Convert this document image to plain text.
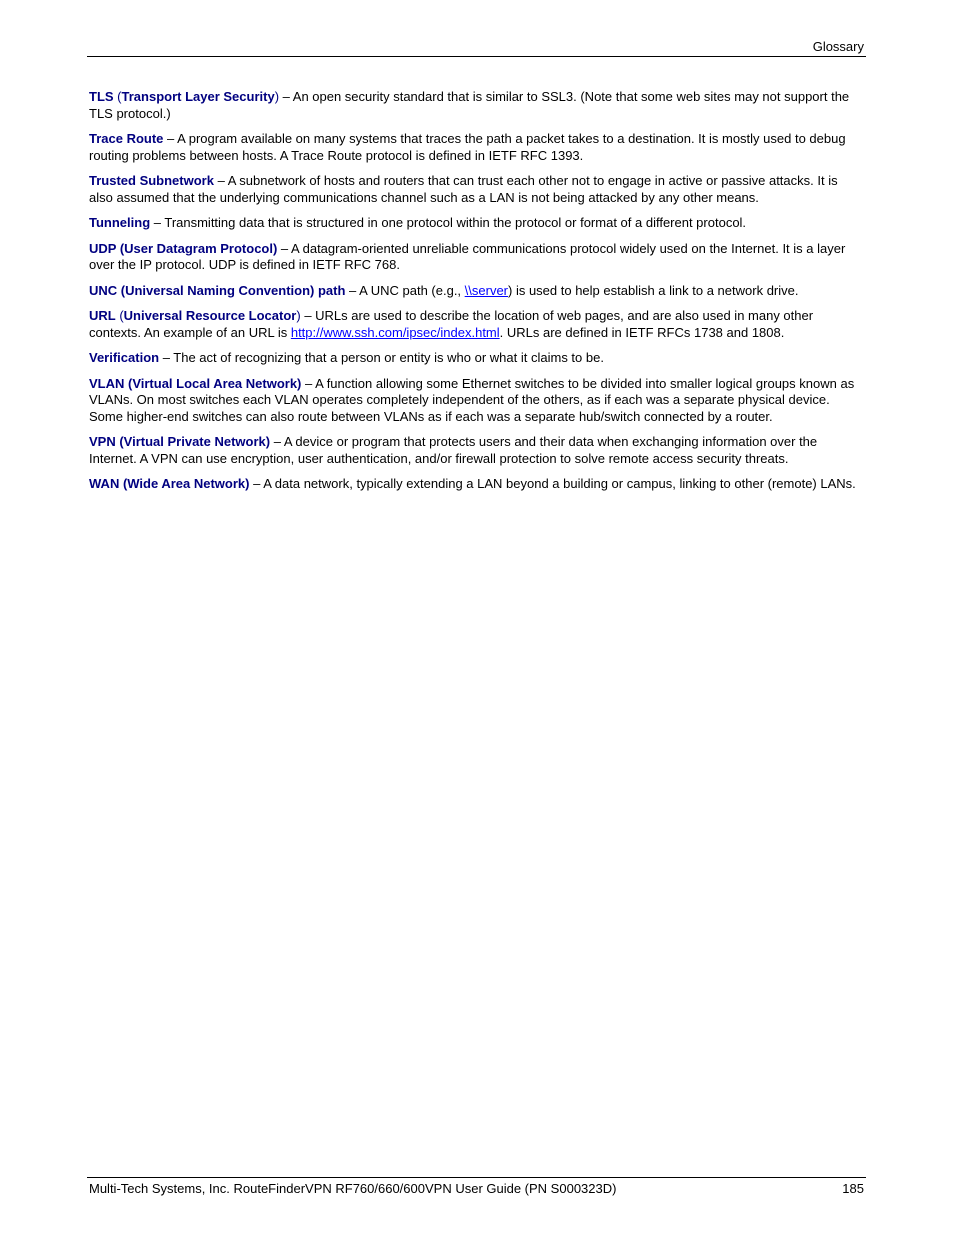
Glossary

TLS (Transport Layer Security) – An open security standard that is similar to SSL3. (Note that some web sites may not support the TLS protocol.)

Trace Route – A program available on many systems that traces the path a packet takes to a destination. It is mostly used to debug routing problems between hosts. A Trace Route protocol is defined in IETF RFC 1393.

Trusted Subnetwork – A subnetwork of hosts and routers that can trust each other not to engage in active or passive attacks. It is also assumed that the underlying communications channel such as a LAN is not being attacked by any other means.

Tunneling – Transmitting data that is structured in one protocol within the protocol or format of a different protocol.

UDP (User Datagram Protocol) – A datagram-oriented unreliable communications protocol widely used on the Internet. It is a layer over the IP protocol. UDP is defined in IETF RFC 768.

UNC (Universal Naming Convention) path – A UNC path (e.g., \\server) is used to help establish a link to a network drive.

URL (Universal Resource Locator) – URLs are used to describe the location of web pages, and are also used in many other contexts. An example of an URL is http://www.ssh.com/ipsec/index.html. URLs are defined in IETF RFCs 1738 and 1808.

Verification – The act of recognizing that a person or entity is who or what it claims to be.

VLAN (Virtual Local Area Network) – A function allowing some Ethernet switches to be divided into smaller logical groups known as VLANs. On most switches each VLAN operates completely independent of the others, as if each was a separate physical device. Some higher-end switches can also route between VLANs as if each was a separate hub/switch connected by a router.

VPN (Virtual Private Network) – A device or program that protects users and their data when exchanging information over the Internet. A VPN can use encryption, user authentication, and/or firewall protection to solve remote access security threats.

WAN (Wide Area Network) – A data network, typically extending a LAN beyond a building or campus, linking to other (remote) LANs.

Multi-Tech Systems, Inc. RouteFinderVPN RF760/660/600VPN User Guide (PN S000323D)	185
